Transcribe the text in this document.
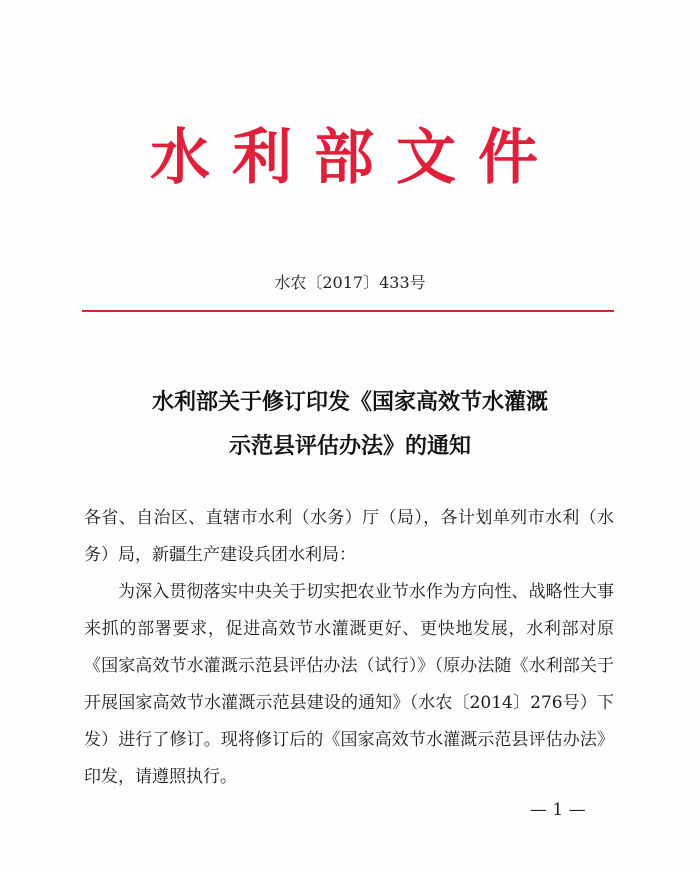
水利部文件
水农〔2017〕433号
水利部关于修订印发《国家高效节水灌溉
示范县评估办法》的通知

各省、自治区、直辖市水利（水务）厅（局），各计划单列市水利（水务）局，新疆生产建设兵团水利局：

为深入贯彻落实中央关于切实把农业节水作为方向性、战略性大事来抓的部署要求，促进高效节水灌溉更好、更快地发展，水利部对原《国家高效节水灌溉示范县评估办法（试行）》（原办法随《水利部关于开展国家高效节水灌溉示范县建设的通知》（水农〔2014〕276号）下发）进行了修订。现将修订后的《国家高效节水灌溉示范县评估办法》印发，请遵照执行。

— 1 —
